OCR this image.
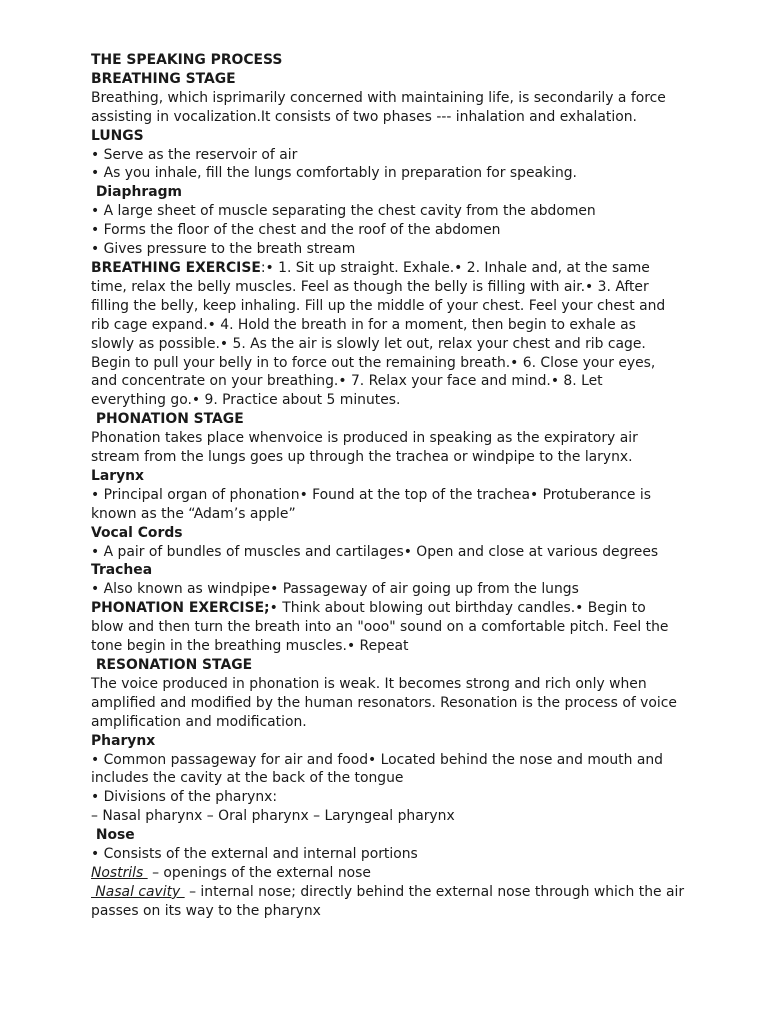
THE SPEAKING PROCESS
BREATHING STAGE
Breathing, which isprimarily concerned with maintaining life, is secondarily a force
assisting in vocalization.It consists of two phases --- inhalation and exhalation.
LUNGS
• Serve as the reservoir of air
• As you inhale, fill the lungs comfortably in preparation for speaking.
Diaphragm
• A large sheet of muscle separating the chest cavity from the abdomen
• Forms the floor of the chest and the roof of the abdomen
• Gives pressure to the breath stream
BREATHING EXERCISE:• 1. Sit up straight. Exhale.• 2. Inhale and, at the same
time, relax the belly muscles. Feel as though the belly is filling with air.• 3. After
filling the belly, keep inhaling. Fill up the middle of your chest. Feel your chest and
rib cage expand.• 4. Hold the breath in for a moment, then begin to exhale as
slowly as possible.• 5. As the air is slowly let out, relax your chest and rib cage.
Begin to pull your belly in to force out the remaining breath.• 6. Close your eyes,
and concentrate on your breathing.• 7. Relax your face and mind.• 8. Let
everything go.• 9. Practice about 5 minutes.
PHONATION STAGE
Phonation takes place whenvoice is produced in speaking as the expiratory air
stream from the lungs goes up through the trachea or windpipe to the larynx.
Larynx
• Principal organ of phonation• Found at the top of the trachea• Protuberance is
known as the “Adam’s apple”
Vocal Cords
• A pair of bundles of muscles and cartilages• Open and close at various degrees
Trachea
• Also known as windpipe• Passageway of air going up from the lungs
PHONATION EXERCISE;• Think about blowing out birthday candles.• Begin to
blow and then turn the breath into an "ooo" sound on a comfortable pitch. Feel the
tone begin in the breathing muscles.• Repeat
RESONATION STAGE
The voice produced in phonation is weak. It becomes strong and rich only when
amplified and modified by the human resonators. Resonation is the process of voice
amplification and modification.
Pharynx
• Common passageway for air and food• Located behind the nose and mouth and
includes the cavity at the back of the tongue
• Divisions of the pharynx:
– Nasal pharynx – Oral pharynx – Laryngeal pharynx
Nose
• Consists of the external and internal portions
Nostrils  – openings of the external nose
Nasal cavity  – internal nose; directly behind the external nose through which the air
passes on its way to the pharynx
